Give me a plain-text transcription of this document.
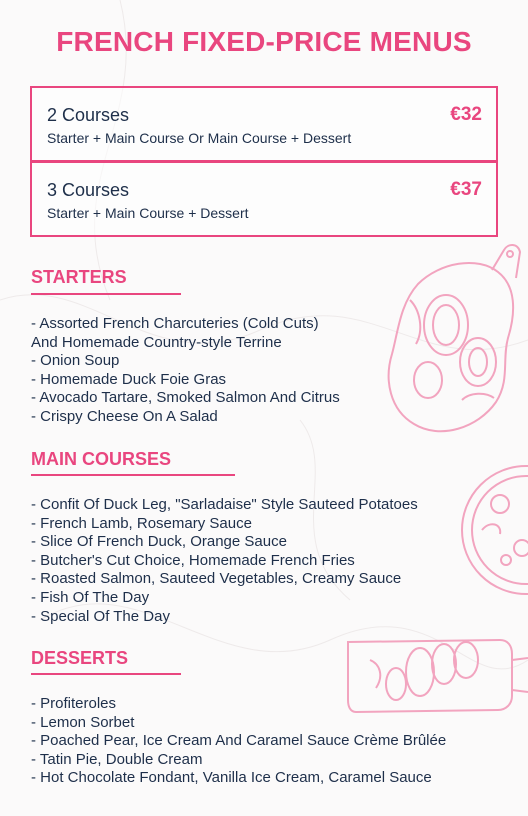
FRENCH FIXED-PRICE MENUS
2 Courses
Starter + Main Course Or Main Course + Dessert
€32
3 Courses
Starter + Main Course + Dessert
€37
STARTERS
- Assorted French Charcuteries (Cold Cuts)
And Homemade Country-style Terrine
- Onion Soup
- Homemade Duck Foie Gras
- Avocado Tartare, Smoked Salmon And Citrus
- Crispy Cheese On A Salad
MAIN COURSES
- Confit Of Duck Leg, "Sarladaise" Style Sauteed Potatoes
- French Lamb, Rosemary Sauce
- Slice Of French Duck, Orange Sauce
- Butcher's Cut Choice, Homemade French Fries
- Roasted Salmon, Sauteed Vegetables, Creamy Sauce
- Fish Of The Day
- Special Of The Day
DESSERTS
- Profiteroles
- Lemon Sorbet
- Poached Pear, Ice Cream And Caramel Sauce Crème Brûlée
- Tatin Pie, Double Cream
- Hot Chocolate Fondant, Vanilla Ice Cream, Caramel Sauce
